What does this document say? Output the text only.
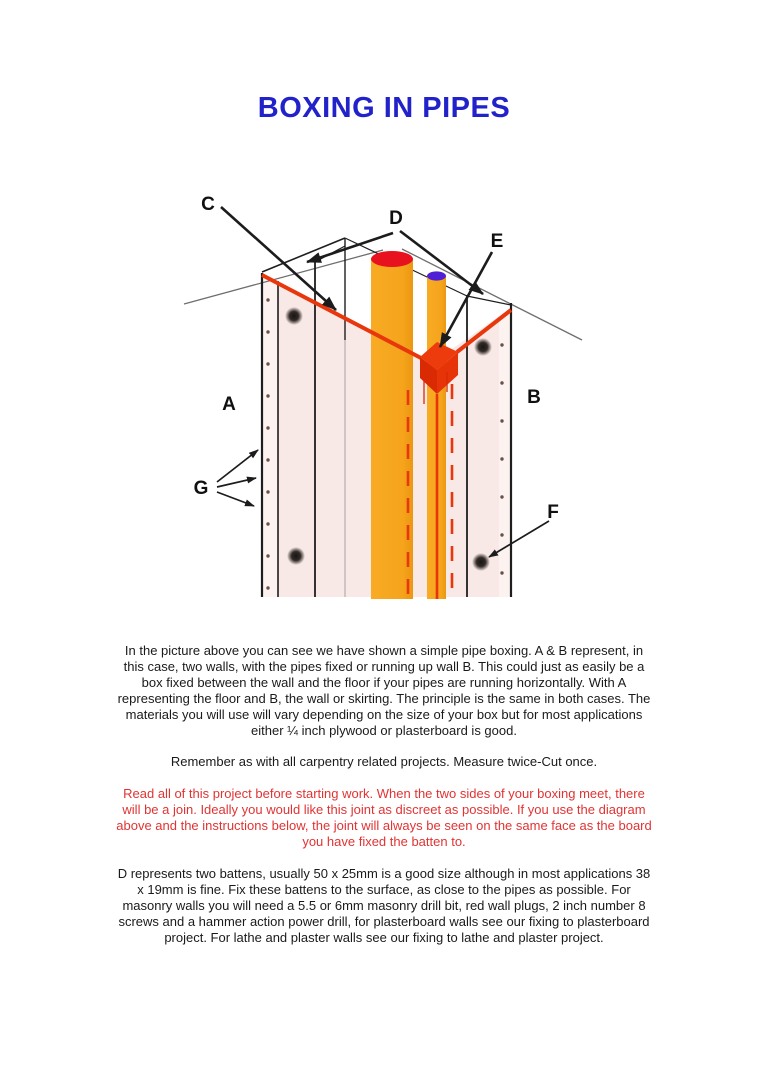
BOXING IN PIPES
C
D
E
A	B
G
F
In the picture above you can see we have shown a simple pipe boxing. A & B represent, in
this case, two walls, with the pipes fixed or running up wall B. This could just as easily be a
box fixed between the wall and the floor if your pipes are running horizontally. With A
representing the floor and B, the wall or skirting. The principle is the same in both cases. The
materials you will use will vary depending on the size of your box but for most applications
either ¼ inch plywood or plasterboard is good.
Remember as with all carpentry related projects. Measure twice-Cut once.
Read all of this project before starting work. When the two sides of your boxing meet, there
will be a join. Ideally you would like this joint as discreet as possible. If you use the diagram
above and the instructions below, the joint will always be seen on the same face as the board
you have fixed the batten to.
D represents two battens, usually 50 x 25mm is a good size although in most applications 38
x 19mm is fine. Fix these battens to the surface, as close to the pipes as possible. For
masonry walls you will need a 5.5 or 6mm masonry drill bit, red wall plugs, 2 inch number 8
screws and a hammer action power drill, for plasterboard walls see our fixing to plasterboard
project. For lathe and plaster walls see our fixing to lathe and plaster project.
